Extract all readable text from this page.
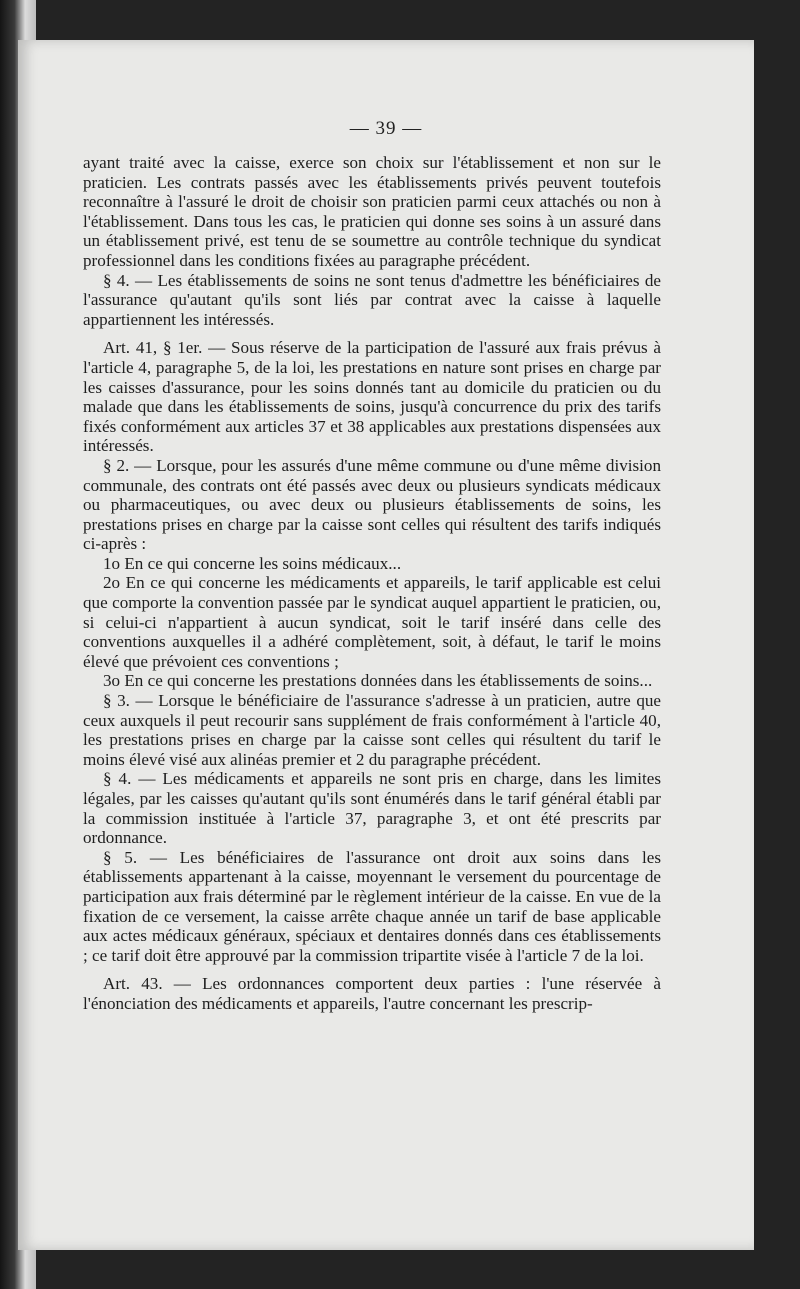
— 39 —

ayant traité avec la caisse, exerce son choix sur l'établissement et non sur le praticien. Les contrats passés avec les établissements privés peuvent toutefois reconnaître à l'assuré le droit de choisir son praticien parmi ceux attachés ou non à l'établissement. Dans tous les cas, le praticien qui donne ses soins à un assuré dans un établissement privé, est tenu de se soumettre au contrôle technique du syndicat professionnel dans les conditions fixées au paragraphe précédent.

§ 4. — Les établissements de soins ne sont tenus d'admettre les bénéficiaires de l'assurance qu'autant qu'ils sont liés par contrat avec la caisse à laquelle appartiennent les intéressés.

Art. 41, § 1er. — Sous réserve de la participation de l'assuré aux frais prévus à l'article 4, paragraphe 5, de la loi, les prestations en nature sont prises en charge par les caisses d'assurance, pour les soins donnés tant au domicile du praticien ou du malade que dans les établissements de soins, jusqu'à concurrence du prix des tarifs fixés conformément aux articles 37 et 38 applicables aux prestations dispensées aux intéressés.

§ 2. — Lorsque, pour les assurés d'une même commune ou d'une même division communale, des contrats ont été passés avec deux ou plusieurs syndicats médicaux ou pharmaceutiques, ou avec deux ou plusieurs établissements de soins, les prestations prises en charge par la caisse sont celles qui résultent des tarifs indiqués ci-après :

1o En ce qui concerne les soins médicaux...

2o En ce qui concerne les médicaments et appareils, le tarif applicable est celui que comporte la convention passée par le syndicat auquel appartient le praticien, ou, si celui-ci n'appartient à aucun syndicat, soit le tarif inséré dans celle des conventions auxquelles il a adhéré complètement, soit, à défaut, le tarif le moins élevé que prévoient ces conventions ;

3o En ce qui concerne les prestations données dans les établissements de soins...

§ 3. — Lorsque le bénéficiaire de l'assurance s'adresse à un praticien, autre que ceux auxquels il peut recourir sans supplément de frais conformément à l'article 40, les prestations prises en charge par la caisse sont celles qui résultent du tarif le moins élevé visé aux alinéas premier et 2 du paragraphe précédent.

§ 4. — Les médicaments et appareils ne sont pris en charge, dans les limites légales, par les caisses qu'autant qu'ils sont énumérés dans le tarif général établi par la commission instituée à l'article 37, paragraphe 3, et ont été prescrits par ordonnance.

§ 5. — Les bénéficiaires de l'assurance ont droit aux soins dans les établissements appartenant à la caisse, moyennant le versement du pourcentage de participation aux frais déterminé par le règlement intérieur de la caisse. En vue de la fixation de ce versement, la caisse arrête chaque année un tarif de base applicable aux actes médicaux généraux, spéciaux et dentaires donnés dans ces établissements ; ce tarif doit être approuvé par la commission tripartite visée à l'article 7 de la loi.

Art. 43. — Les ordonnances comportent deux parties : l'une réservée à l'énonciation des médicaments et appareils, l'autre concernant les prescrip-
